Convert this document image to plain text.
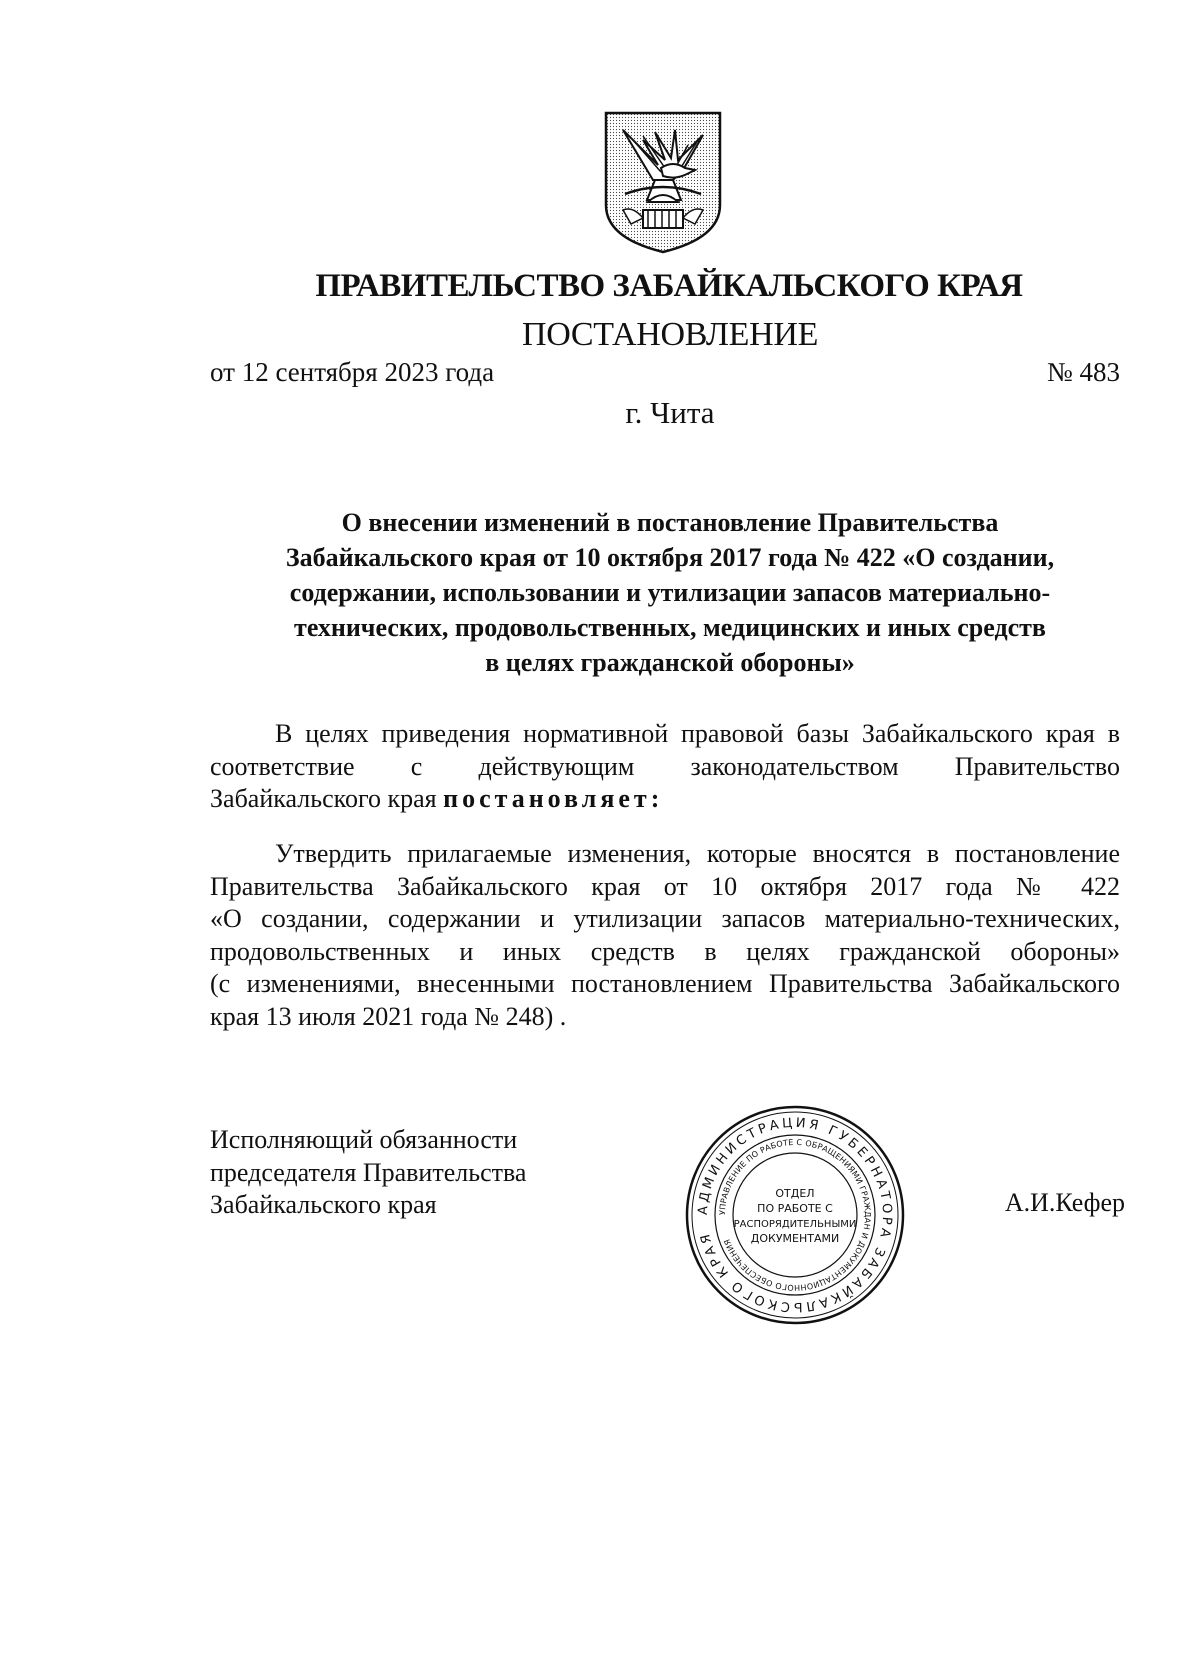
ПРАВИТЕЛЬСТВО ЗАБАЙКАЛЬСКОГО КРАЯ
ПОСТАНОВЛЕНИЕ
от 12 сентября 2023 года	№ 483
г. Чита
О внесении изменений в постановление Правительства
Забайкальского края от 10 октября 2017 года № 422 «О создании,
содержании, использовании и утилизации запасов материально-
технических, продовольственных, медицинских и иных средств
в целях гражданской обороны»
В целях приведения нормативной правовой базы Забайкальского края в
соответствие с действующим законодательством Правительство
Забайкальского края постановляет:
Утвердить прилагаемые изменения, которые вносятся в постановление
Правительства Забайкальского края от 10 октября 2017 года № 422
«О создании, содержании и утилизации запасов материально-технических,
продовольственных и иных средств в целях гражданской обороны»
(с изменениями, внесенными постановлением Правительства Забайкальского
края 13 июля 2021 года № 248) .
Исполняющий обязанности
председателя Правительства
Забайкальского края	А.И.Кефер
АДМИНИСТРАЦИЯ ГУБЕРНАТОРА ЗАБАЙКАЛЬСКОГО КРАЯ
УПРАВЛЕНИЕ ПО РАБОТЕ С ОБРАЩЕНИЯМИ ГРАЖДАН И ДОКУМЕНТАЦИОННОГО ОБЕСПЕЧЕНИЯ
ОТДЕЛ
ПО РАБОТЕ С
РАСПОРЯДИТЕЛЬНЫМИ
ДОКУМЕНТАМИ
